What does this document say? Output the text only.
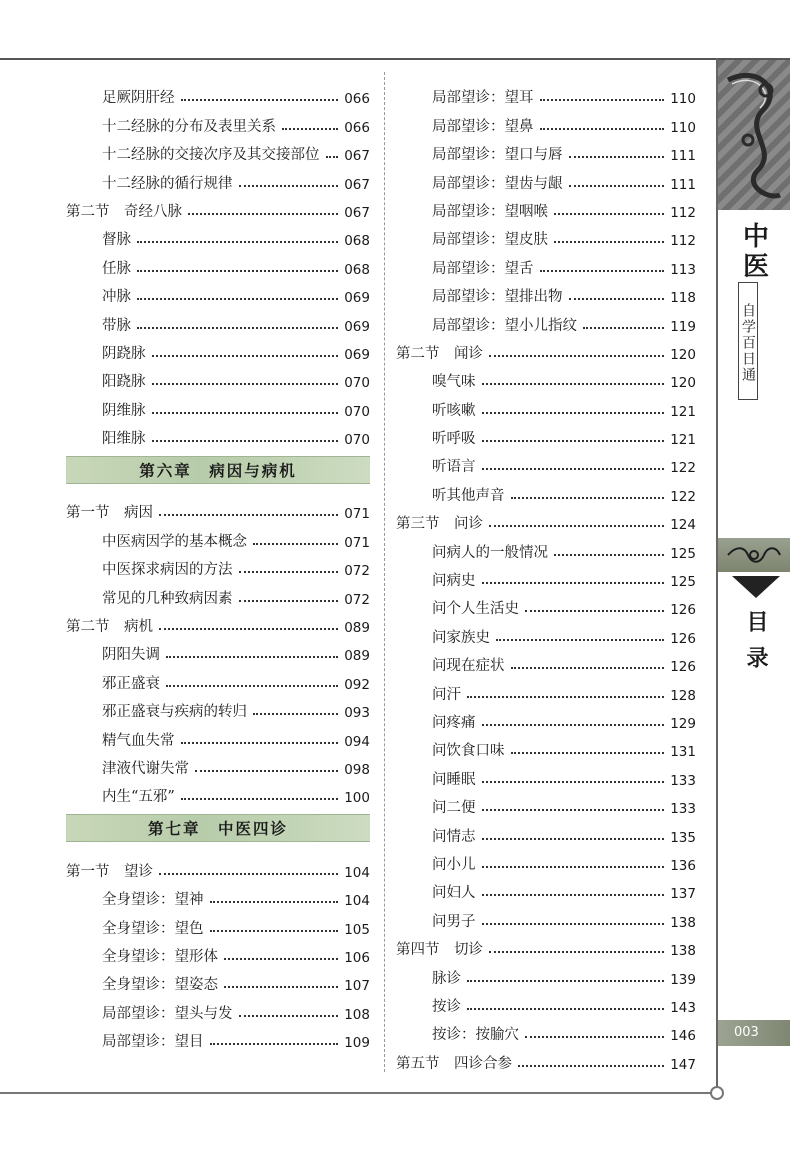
足厥阴肝经	066
十二经脉的分布及表里关系	066
十二经脉的交接次序及其交接部位 067
十二经脉的循行规律	067
第二节　奇经八脉	067
督脉	068
任脉	068
冲脉	069
带脉	069
阴跷脉	069
阳跷脉	070
阴维脉	070
阳维脉	070
第六章　病因与病机
第一节　病因	071
中医病因学的基本概念	071
中医探求病因的方法	072
常见的几种致病因素	072
第二节　病机	089
阴阳失调	089
邪正盛衰	092
邪正盛衰与疾病的转归	093
精气血失常	094
津液代谢失常	098
内生“五邪”	100
第七章　中医四诊
第一节　望诊	104
全身望诊：望神	104
全身望诊：望色	105
全身望诊：望形体	106
全身望诊：望姿态	107
局部望诊：望头与发	108
局部望诊：望目	109
局部望诊：望耳	110
局部望诊：望鼻	110
局部望诊：望口与唇	111
局部望诊：望齿与龈	111
局部望诊：望咽喉	112
局部望诊：望皮肤	112
局部望诊：望舌	113
局部望诊：望排出物	118
局部望诊：望小儿指纹	119
第二节　闻诊	120
嗅气味	120
听咳嗽	121
听呼吸	121
听语言	122
听其他声音	122
第三节　问诊	124
问病人的一般情况	125
问病史	125
问个人生活史	126
问家族史	126
问现在症状	126
问汗	128
问疼痛	129
问饮食口味	131
问睡眠	133
问二便	133
问情志	135
问小儿	136
问妇人	137
问男子	138
第四节　切诊	138
脉诊	139
按诊	143
按诊：按腧穴	146
第五节　四诊合参	147
中医
自学百日通
目录
003
